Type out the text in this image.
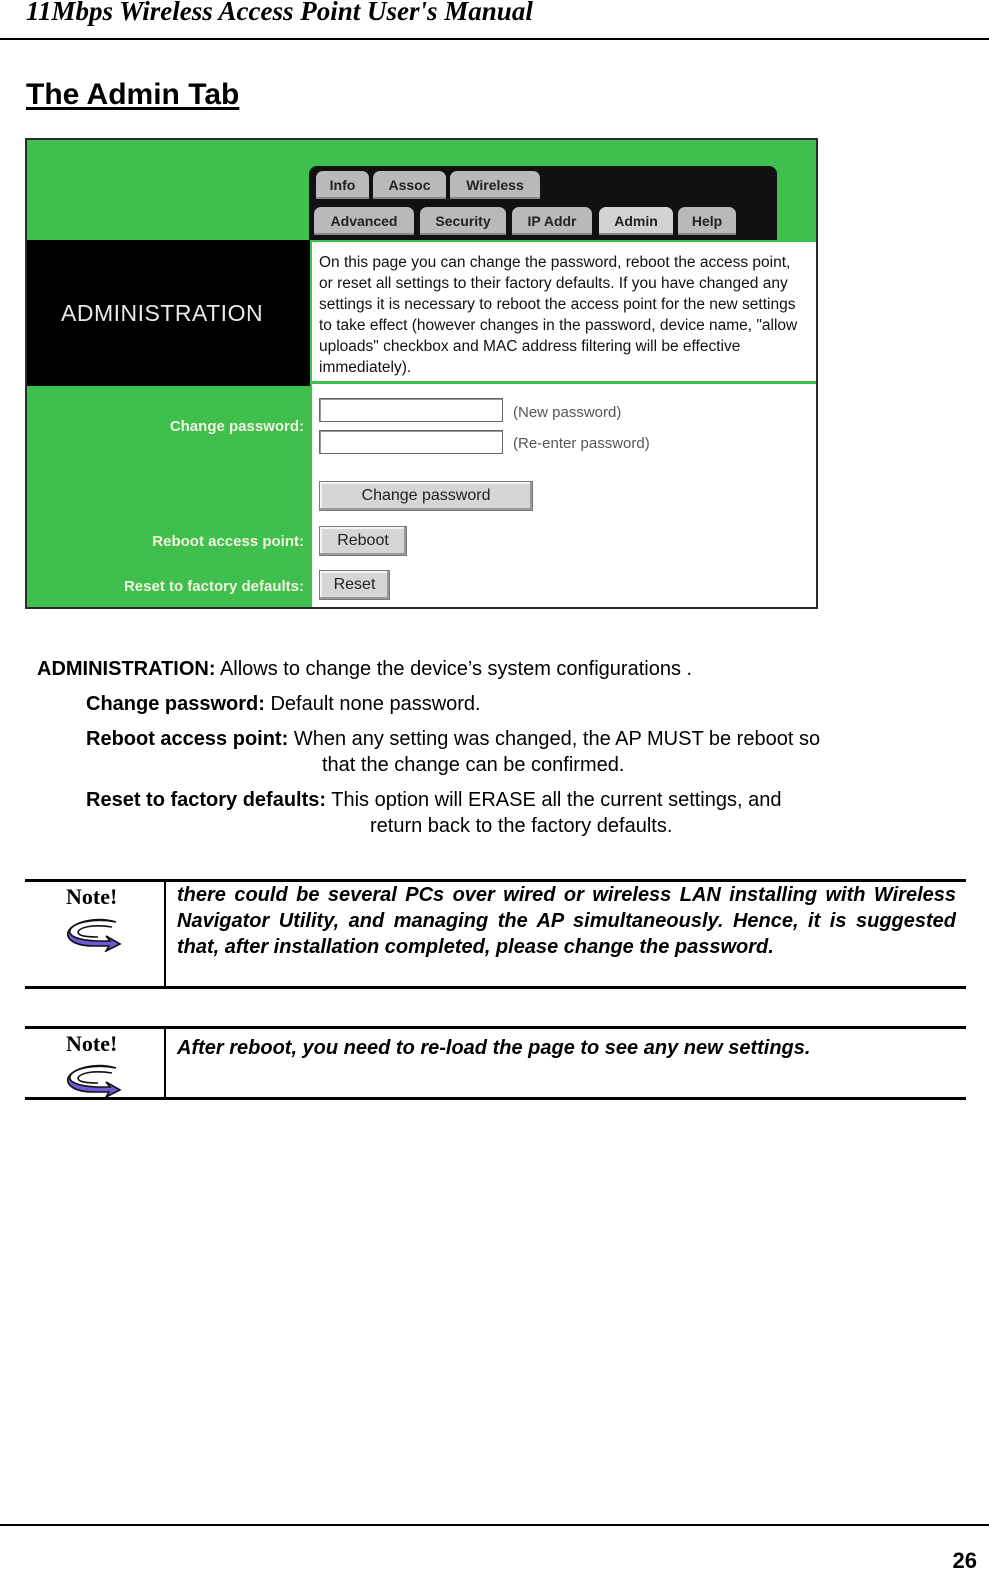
11Mbps Wireless Access Point User's Manual
The Admin Tab
Info	Assoc	Wireless
Advanced	Security	IP Addr	Admin	Help
ADMINISTRATION
On this page you can change the password, reboot the access point, or reset all settings to their factory defaults. If you have changed any settings it is necessary to reboot the access point for the new settings to take effect (however changes in the password, device name, "allow uploads" checkbox and MAC address filtering will be effective immediately).
Change password:
(New password)
(Re-enter password)
Change password
Reboot access point:	Reboot
Reset to factory defaults:	Reset
ADMINISTRATION: Allows to change the device’s system configurations .
Change password: Default none password.
Reboot access point: When any setting was changed, the AP MUST be reboot so
that the change can be confirmed.
Reset to factory defaults: This option will ERASE all the current settings, and
return back to the factory defaults.
Note!	there could be several PCs over wired or wireless LAN installing with Wireless Navigator Utility, and managing the AP simultaneously. Hence, it is suggested that, after installation completed, please change the password.
Note!	After reboot, you need to re-load the page to see any new settings.
26
